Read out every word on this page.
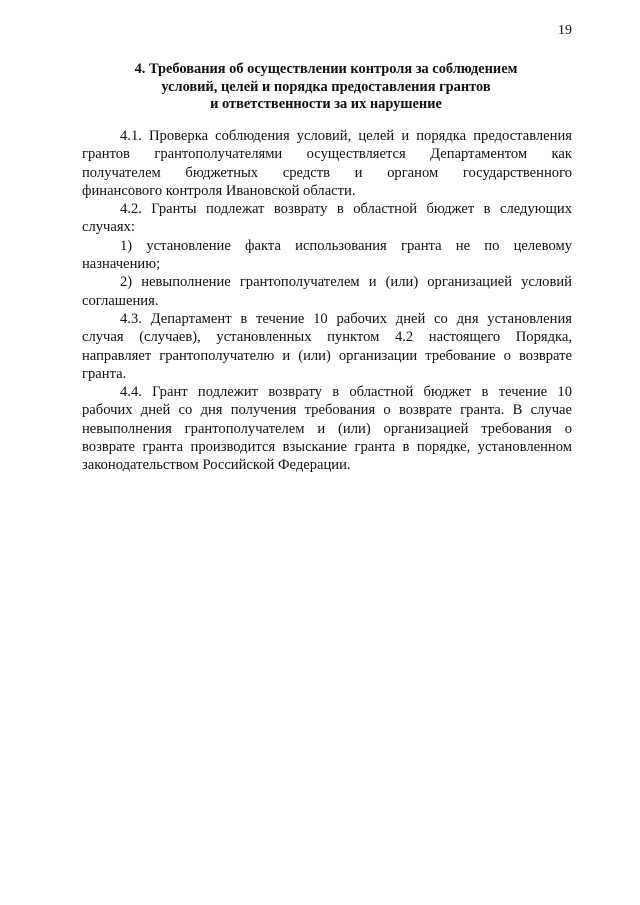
19
4. Требования об осуществлении контроля за соблюдением
условий, целей и порядка предоставления грантов
и ответственности за их нарушение

4.1. Проверка соблюдения условий, целей и порядка предоставления
грантов грантополучателями осуществляется Департаментом как
получателем бюджетных средств и органом государственного
финансового контроля Ивановской области.

4.2. Гранты подлежат возврату в областной бюджет в следующих
случаях:

1) установление факта использования гранта не по целевому
назначению;

2) невыполнение грантополучателем и (или) организацией условий
соглашения.

4.3. Департамент в течение 10 рабочих дней со дня установления
случая (случаев), установленных пунктом 4.2 настоящего Порядка,
направляет грантополучателю и (или) организации требование о возврате
гранта.

4.4. Грант подлежит возврату в областной бюджет в течение 10
рабочих дней со дня получения требования о возврате гранта. В случае
невыполнения грантополучателем и (или) организацией требования о
возврате гранта производится взыскание гранта в порядке, установленном
законодательством Российской Федерации.
